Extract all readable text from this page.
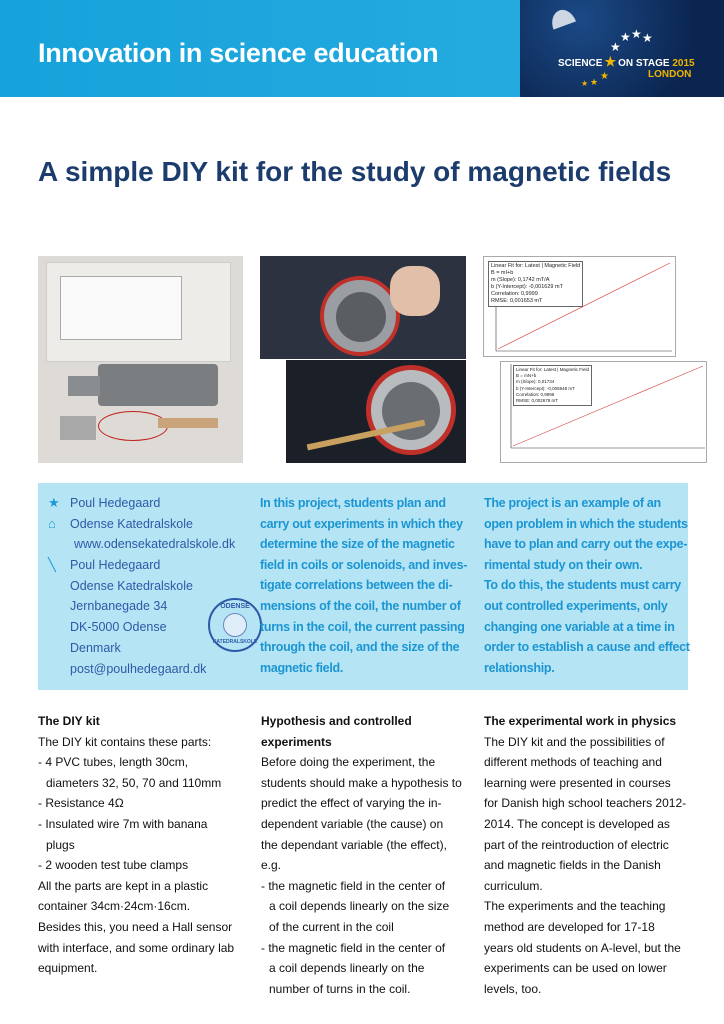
Innovation in science education
★ ★ ★
★
★
★
★
SCIENCE ★ ON STAGE 2015
LONDON
A simple DIY kit for the study of magnetic fields
Linear Fit for: Latest | Magnetic Field
B = mI+b
m (Slope): 0,1742 mT/A
b (Y-Intercept): -0,001629 mT
Correlation: 0,9999
RMSE: 0,001653 mT
Linear Fit for: Latest | Magnetic Field
B = mN+b
m (Slope): 0,01734
b (Y-Intercept): -0,005948 mT
Correlation: 0,9996
RMSE: 0,002678 mT
★ Poul Hedegaard
⌂ Odense Katedralskole
www.odensekatedralskole.dk
╲ Poul Hedegaard
Odense Katedralskole
Jernbanegade 34
DK-5000 Odense
Denmark
post@poulhedegaard.dk
ODENSE
KATEDRALSKOLE
In this project, students plan and
carry out experiments in which they
determine the size of the magnetic
field in coils or solenoids, and inves-
tigate correlations between the di-
mensions of the coil, the number of
turns in the coil, the current passing
through the coil, and the size of the
magnetic field.
The project is an example of an
open problem in which the students
have to plan and carry out the expe-
rimental study on their own.
To do this, the students must carry
out controlled experiments, only
changing one variable at a time in
order to establish a cause and effect
relationship.
The DIY kit
The DIY kit contains these parts:
- 4 PVC tubes, length 30cm,
diameters 32, 50, 70 and 110mm
- Resistance 4Ω
- Insulated wire 7m with banana
plugs
- 2 wooden test tube clamps
All the parts are kept in a plastic
container 34cm·24cm·16cm.
Besides this, you need a Hall sensor
with interface, and some ordinary lab
equipment.
Hypothesis and controlled
experiments
Before doing the experiment, the
students should make a hypothesis to
predict the effect of varying the in-
dependent variable (the cause) on
the dependant variable (the effect),
e.g.
- the magnetic field in the center of
a coil depends linearly on the size
of the current in the coil
- the magnetic field in the center of
a coil depends linearly on the
number of turns in the coil.
The experimental work in physics
The DIY kit and the possibilities of
different methods of teaching and
learning were presented in courses
for Danish high school teachers 2012-
2014. The concept is developed as
part of the reintroduction of electric
and magnetic fields in the Danish
curriculum.
The experiments and the teaching
method are developed for 17-18
years old students on A-level, but the
experiments can be used on lower
levels, too.
